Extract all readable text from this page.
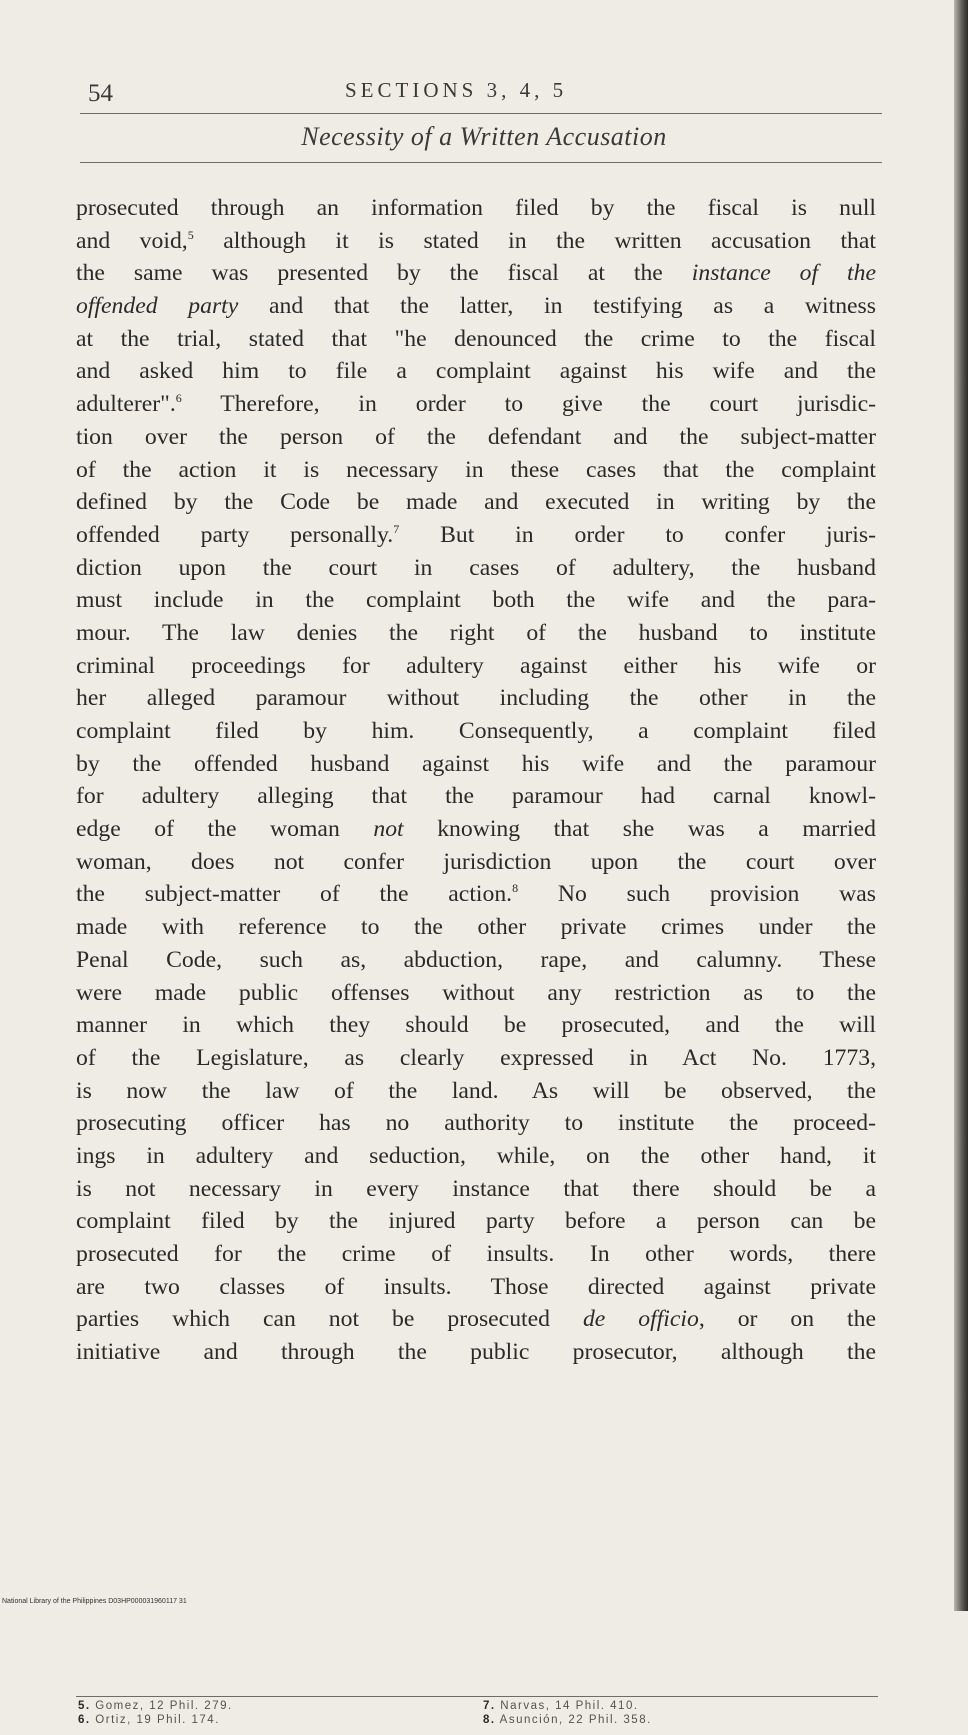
54	SECTIONS 3, 4, 5
Necessity of a Written Accusation
prosecuted through an information filed by the fiscal is null
and void,$^5$ although it is stated in the written accusation that
the same was presented by the fiscal at the instance of the
offended party and that the latter, in testifying as a witness
at the trial, stated that "he denounced the crime to the fiscal
and asked him to file a complaint against his wife and the
adulterer".$^6$ Therefore, in order to give the court jurisdic-
tion over the person of the defendant and the subject-matter
of the action it is necessary in these cases that the complaint
defined by the Code be made and executed in writing by the
offended party personally.$^7$ But in order to confer juris-
diction upon the court in cases of adultery, the husband
must include in the complaint both the wife and the para-
mour. The law denies the right of the husband to institute
criminal proceedings for adultery against either his wife or
her alleged paramour without including the other in the
complaint filed by him. Consequently, a complaint filed
by the offended husband against his wife and the paramour
for adultery alleging that the paramour had carnal knowl-
edge of the woman not knowing that she was a married
woman, does not confer jurisdiction upon the court over
the subject-matter of the action.$^8$ No such provision was
made with reference to the other private crimes under the
Penal Code, such as, abduction, rape, and calumny. These
were made public offenses without any restriction as to the
manner in which they should be prosecuted, and the will
of the Legislature, as clearly expressed in Act No. 1773,
is now the law of the land. As will be observed, the
prosecuting officer has no authority to institute the proceed-
ings in adultery and seduction, while, on the other hand, it
is not necessary in every instance that there should be a
complaint filed by the injured party before a person can be
prosecuted for the crime of insults. In other words, there
are two classes of insults. Those directed against private
parties which can not be prosecuted de officio, or on the
initiative and through the public prosecutor, although the
5. Gomez, 12 Phil. 279.
6. Ortiz, 19 Phil. 174.
7. Narvas, 14 Phil. 410.
8. Asunción, 22 Phil. 358.
National Library of the Philippines D03HP000031960117 31
